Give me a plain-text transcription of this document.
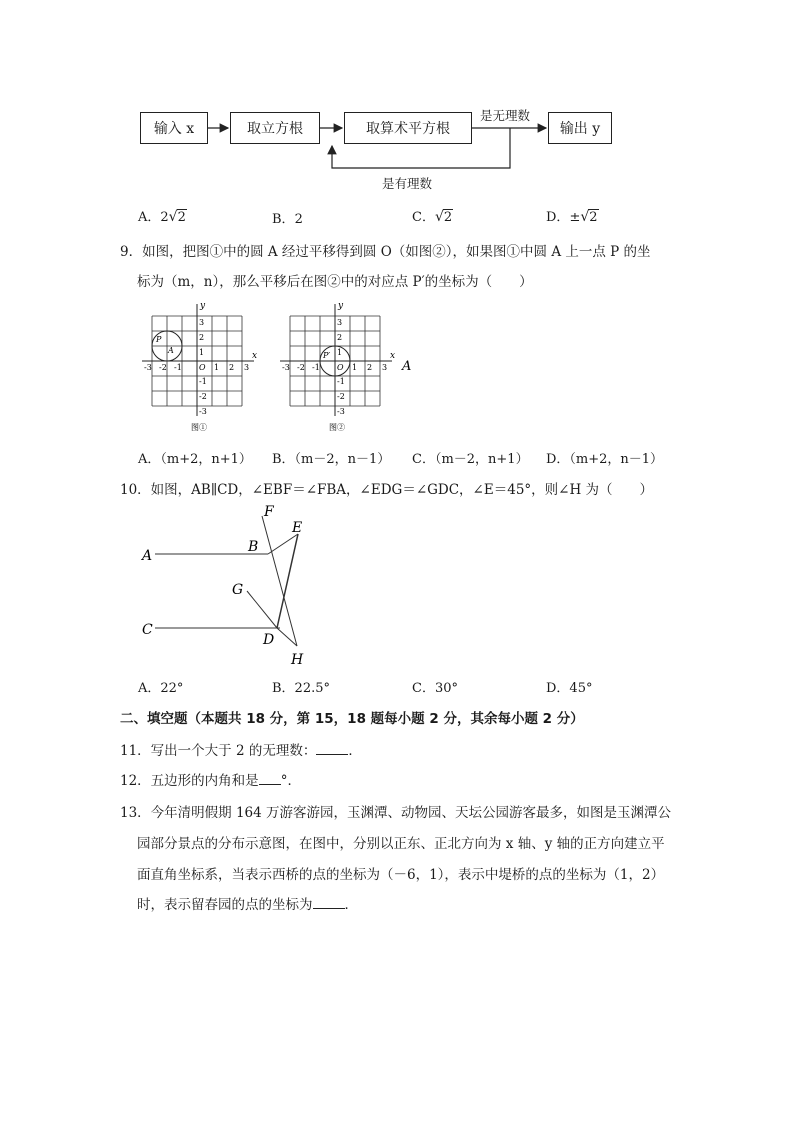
输入 x	取立方根	取算术平方根	输出 y
是无理数
是有理数
A．2√2	B．2	C．√2	D．±√2
9．如图，把图①中的圆 A 经过平移得到圆 O（如图②），如果图①中圆 A 上一点 P 的坐
标为（m，n），那么平移后在图②中的对应点 P′的坐标为（　　）
y
x
P
A
-3 -2 -1 O 1 2 3
3
2
1
-1
-2
-3
图①
y
x
P′
A
-3 -2 -1 O 1 2 3
3
2
1
-1
-2
-3
图②
A．（m+2，n+1） B．（m－2，n－1） C．（m－2，n+1） D．（m+2，n－1）
10．如图，AB∥CD，∠EBF＝∠FBA，∠EDG＝∠GDC，∠E＝45°，则∠H 为（　　）
A
B
C
D
E
F
G
H
A．22°	B．22.5°	C．30°	D．45°
二、填空题（本题共 18 分，第 15，18 题每小题 2 分，其余每小题 2 分）
11．写出一个大于 2 的无理数： ．
12．五边形的内角和是 °．
13．今年清明假期 164 万游客游园，玉渊潭、动物园、天坛公园游客最多，如图是玉渊潭公
园部分景点的分布示意图，在图中，分别以正东、正北方向为 x 轴、y 轴的正方向建立平
面直角坐标系，当表示西桥的点的坐标为（－6，1），表示中堤桥的点的坐标为（1，2）
时，表示留春园的点的坐标为 ．
